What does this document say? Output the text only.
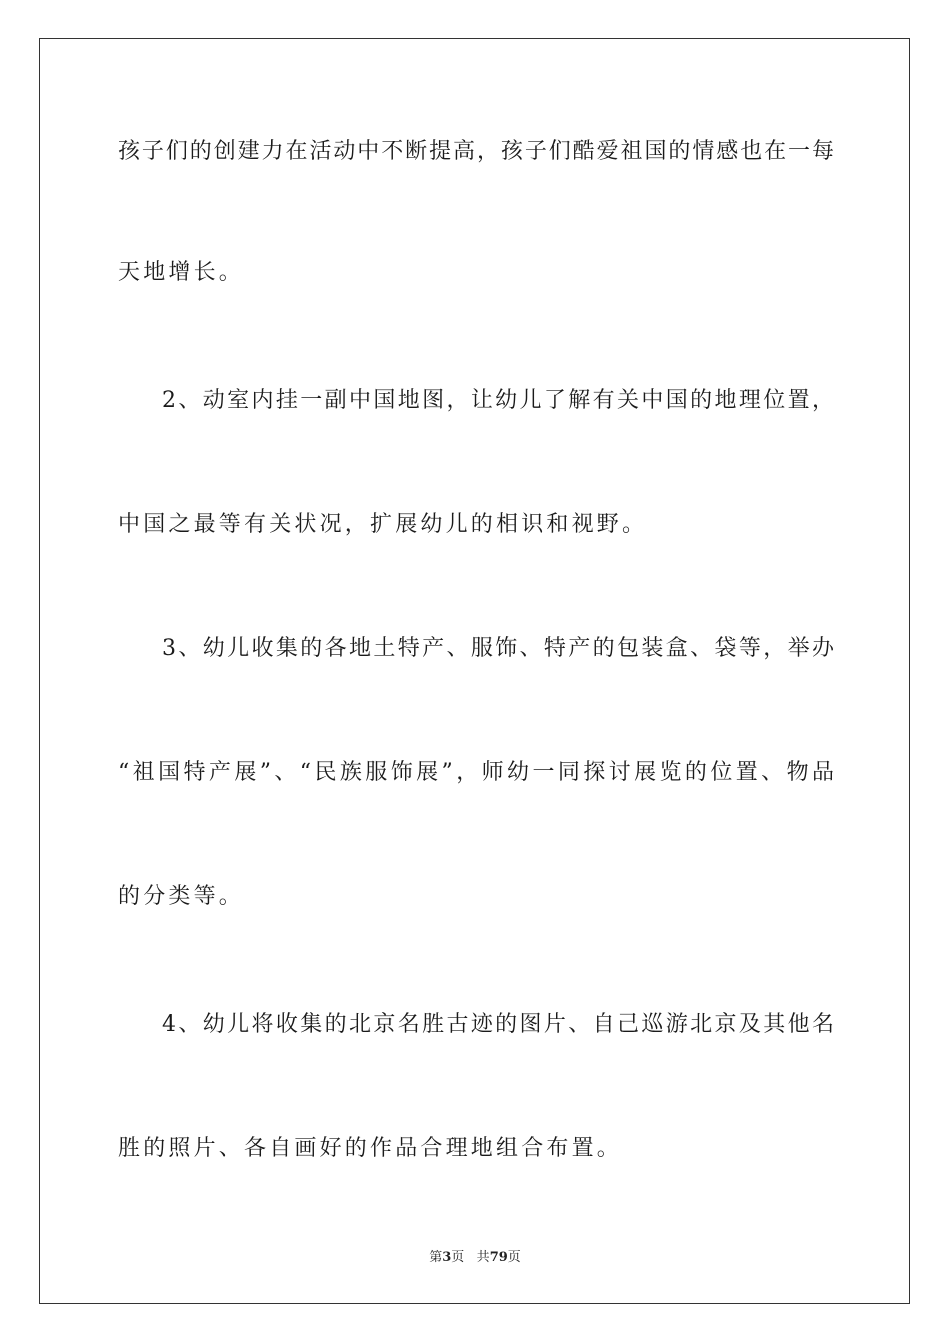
孩子们的创建力在活动中不断提高，孩子们酷爱祖国的情感也在一每
天地增长。
2、动室内挂一副中国地图，让幼儿了解有关中国的地理位置，
中国之最等有关状况，扩展幼儿的相识和视野。
3、幼儿收集的各地土特产、服饰、特产的包装盒、袋等，举办
“祖国特产展”、“民族服饰展”，师幼一同探讨展览的位置、物品
的分类等。
4、幼儿将收集的北京名胜古迹的图片、自己巡游北京及其他名
胜的照片、各自画好的作品合理地组合布置。
第3页 共79页
